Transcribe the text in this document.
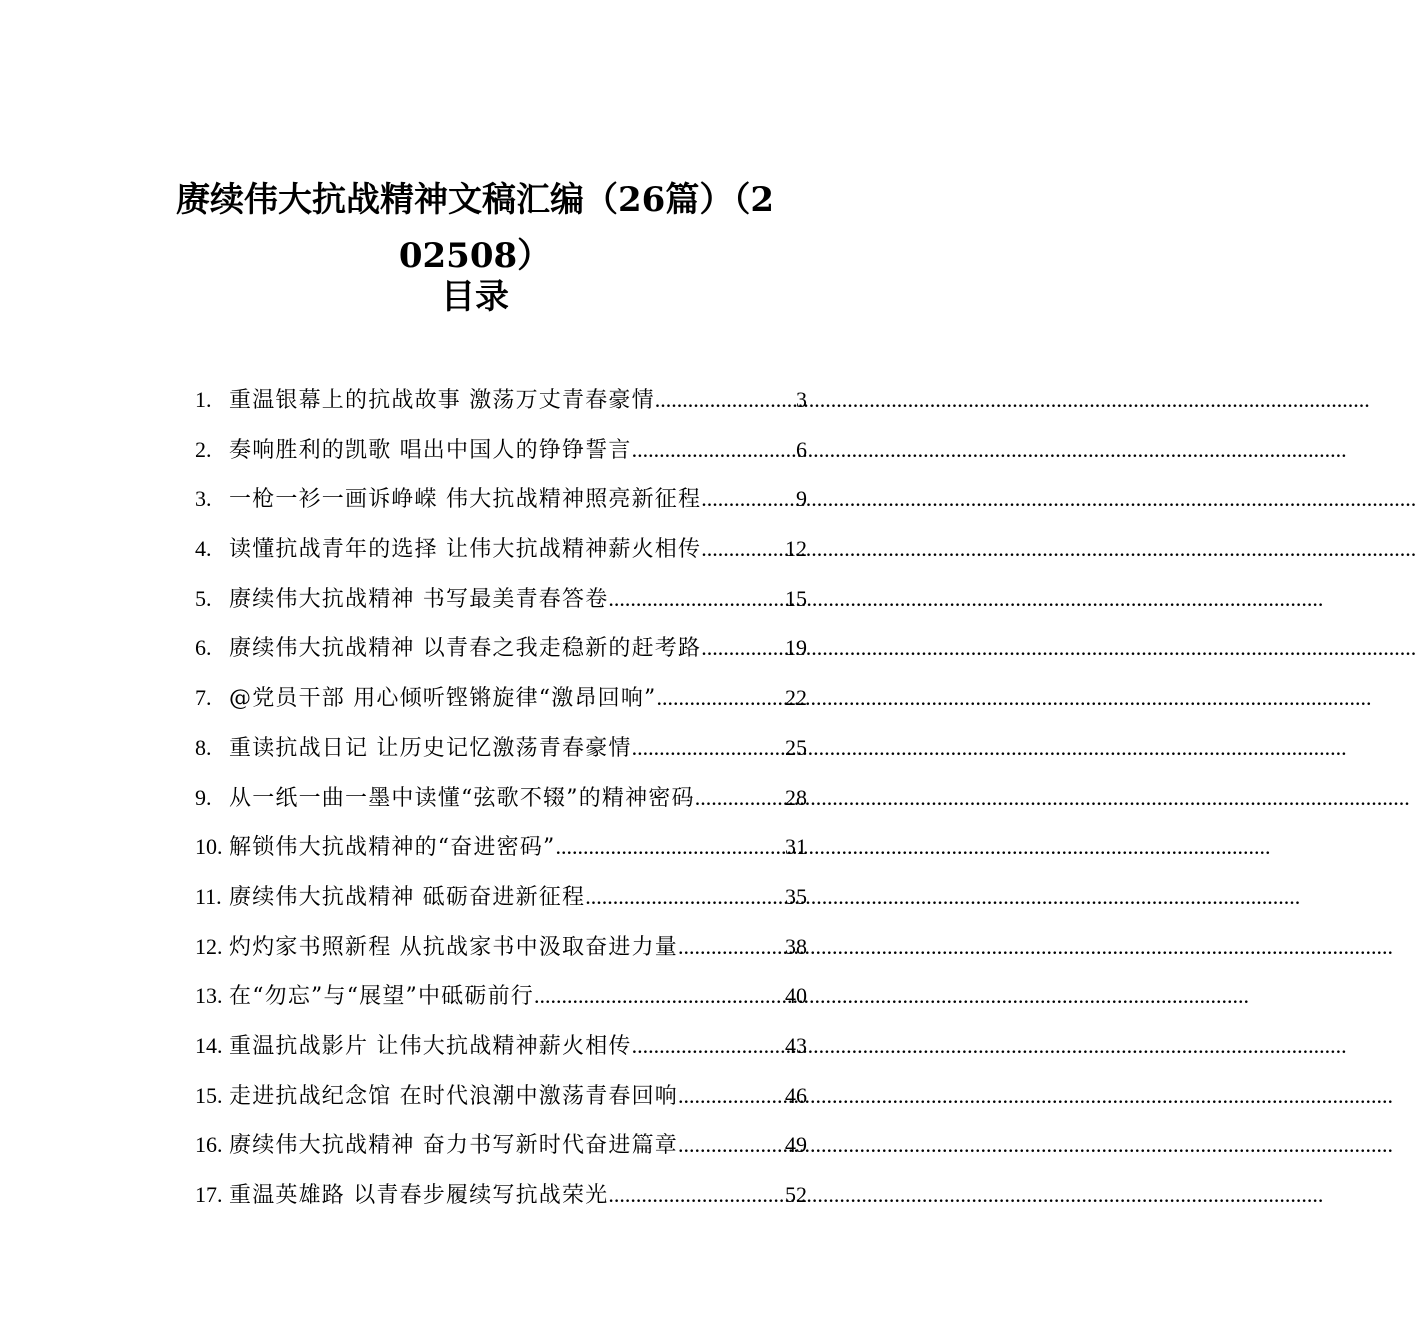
赓续伟大抗战精神文稿汇编（26篇）（2
02508）
目录
1. 重温银幕上的抗战故事 激荡万丈青春豪情 .....	3
2. 奏响胜利的凯歌 唱出中国人的铮铮誓言 .....	6
3. 一枪一衫一画诉峥嵘 伟大抗战精神照亮新征程 .....	9
4. 读懂抗战青年的选择 让伟大抗战精神薪火相传 .....	12
5. 赓续伟大抗战精神 书写最美青春答卷 .....	15
6. 赓续伟大抗战精神 以青春之我走稳新的赶考路 .....	19
7. @党员干部 用心倾听铿锵旋律“激昂回响” .....	22
8. 重读抗战日记 让历史记忆激荡青春豪情 .....	25
9. 从一纸一曲一墨中读懂“弦歌不辍”的精神密码 .....	28
10. 解锁伟大抗战精神的“奋进密码” .....	31
11. 赓续伟大抗战精神 砥砺奋进新征程 .....	35
12. 灼灼家书照新程 从抗战家书中汲取奋进力量 .....	38
13. 在“勿忘”与“展望”中砥砺前行 .....	40
14. 重温抗战影片 让伟大抗战精神薪火相传 .....	43
15. 走进抗战纪念馆 在时代浪潮中激荡青春回响 .....	46
16. 赓续伟大抗战精神 奋力书写新时代奋进篇章 .....	49
17. 重温英雄路 以青春步履续写抗战荣光 .....	52
